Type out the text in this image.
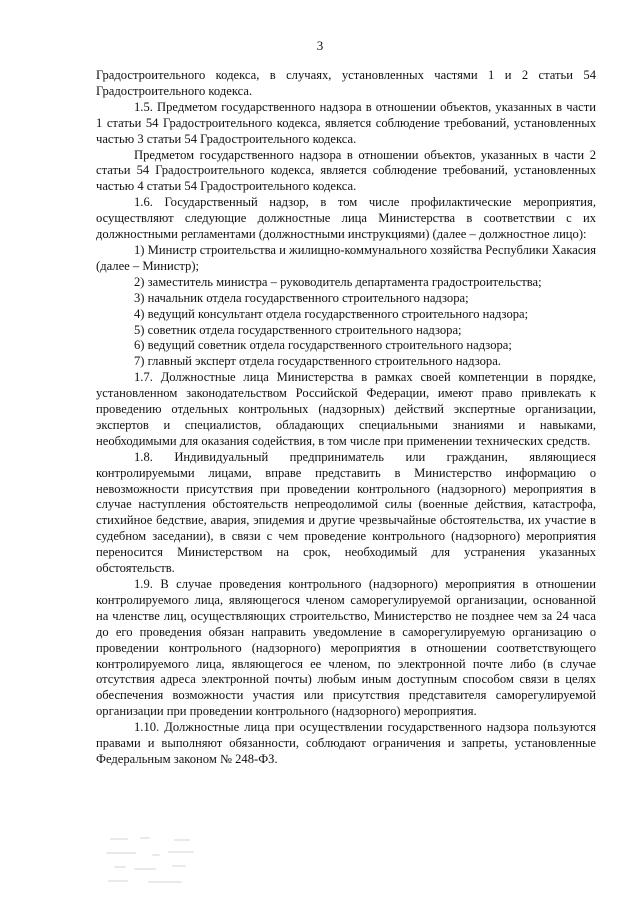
3

Градостроительного кодекса, в случаях, установленных частями 1 и 2 статьи 54 Градостроительного кодекса.

1.5. Предметом государственного надзора в отношении объектов, указанных в части 1 статьи 54 Градостроительного кодекса, является соблюдение требований, установленных частью 3 статьи 54 Градостроительного кодекса.

Предметом государственного надзора в отношении объектов, указанных в части 2 статьи 54 Градостроительного кодекса, является соблюдение требований, установленных частью 4 статьи 54 Градостроительного кодекса.

1.6. Государственный надзор, в том числе профилактические мероприятия, осуществляют следующие должностные лица Министерства в соответствии с их должностными регламентами (должностными инструкциями) (далее – должностное лицо):

1) Министр строительства и жилищно-коммунального хозяйства Республики Хакасия (далее – Министр);

2) заместитель министра – руководитель департамента градостроительства;

3) начальник отдела государственного строительного надзора;

4) ведущий консультант отдела государственного строительного надзора;

5) советник отдела государственного строительного надзора;

6) ведущий советник отдела государственного строительного надзора;

7) главный эксперт отдела государственного строительного надзора.

1.7. Должностные лица Министерства в рамках своей компетенции в порядке, установленном законодательством Российской Федерации, имеют право привлекать к проведению отдельных контрольных (надзорных) действий экспертные организации, экспертов и специалистов, обладающих специальными знаниями и навыками, необходимыми для оказания содействия, в том числе при применении технических средств.

1.8. Индивидуальный предприниматель или гражданин, являющиеся контролируемыми лицами, вправе представить в Министерство информацию о невозможности присутствия при проведении контрольного (надзорного) мероприятия в случае наступления обстоятельств непреодолимой силы (военные действия, катастрофа, стихийное бедствие, авария, эпидемия и другие чрезвычайные обстоятельства, их участие в судебном заседании), в связи с чем проведение контрольного (надзорного) мероприятия переносится Министерством на срок, необходимый для устранения указанных обстоятельств.

1.9. В случае проведения контрольного (надзорного) мероприятия в отношении контролируемого лица, являющегося членом саморегулируемой организации, основанной на членстве лиц, осуществляющих строительство, Министерство не позднее чем за 24 часа до его проведения обязан направить уведомление в саморегулируемую организацию о проведении контрольного (надзорного) мероприятия в отношении соответствующего контролируемого лица, являющегося ее членом, по электронной почте либо (в случае отсутствия адреса электронной почты) любым иным доступным способом связи в целях обеспечения возможности участия или присутствия представителя саморегулируемой организации при проведении контрольного (надзорного) мероприятия.

1.10. Должностные лица при осуществлении государственного надзора пользуются правами и выполняют обязанности, соблюдают ограничения и запреты, установленные Федеральным законом № 248-ФЗ.
